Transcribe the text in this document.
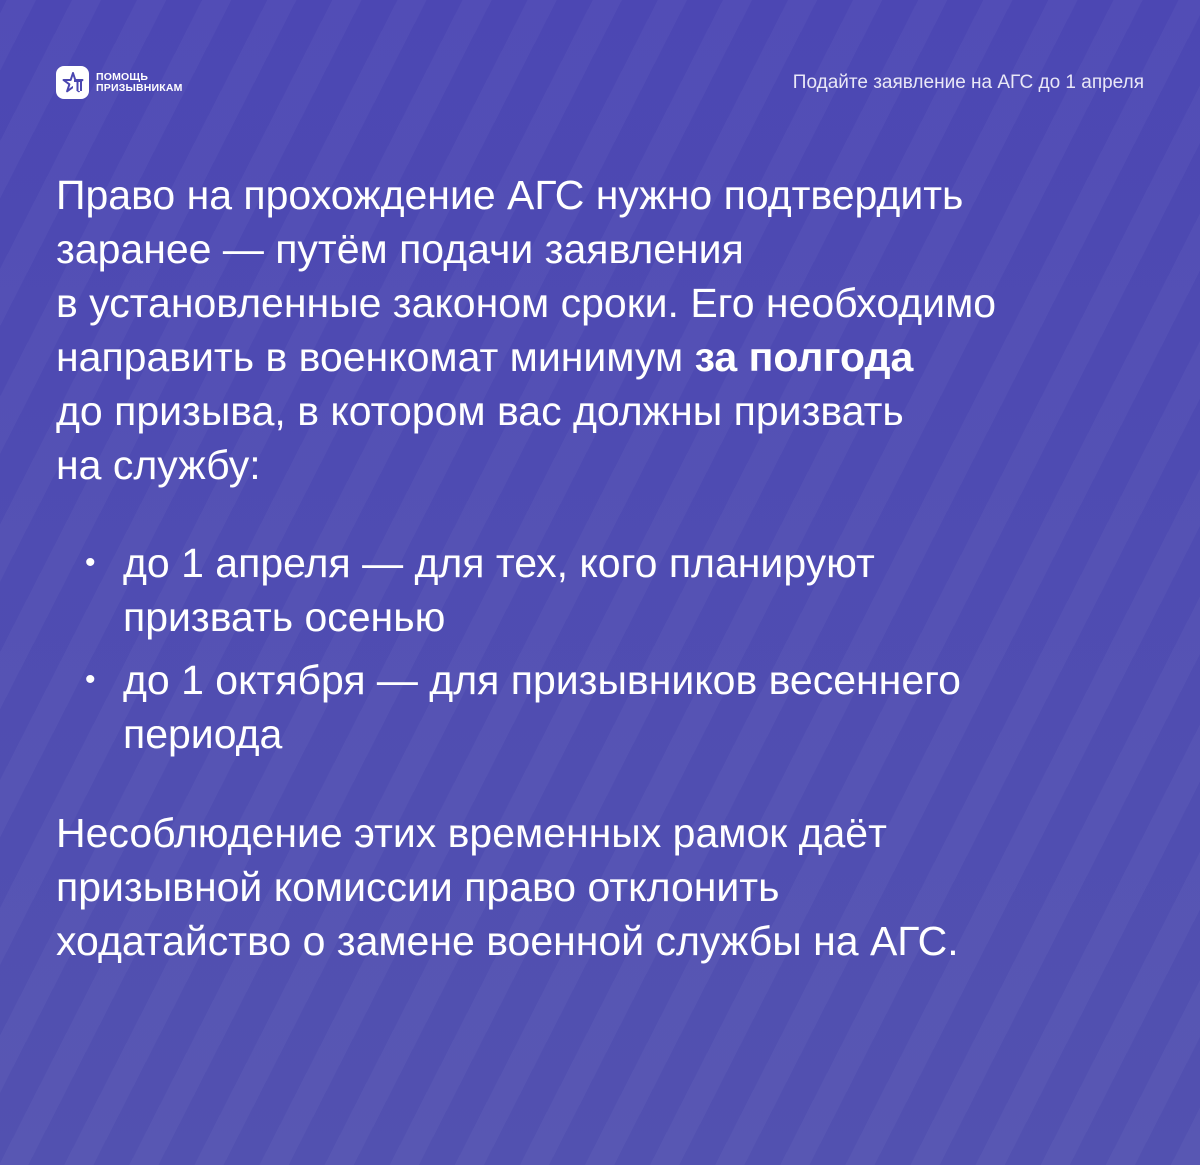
ПОМОЩЬ
ПРИЗЫВНИКАМ	Подайте заявление на АГС до 1 апреля

Право на прохождение АГС нужно подтвердить
заранее — путём подачи заявления
в установленные законом сроки. Его необходимо
направить в военкомат минимум за полгода
до призыва, в котором вас должны призвать
на службу:

• до 1 апреля — для тех, кого планируют
призвать осенью
• до 1 октября — для призывников весеннего
периода

Несоблюдение этих временных рамок даёт
призывной комиссии право отклонить
ходатайство о замене военной службы на АГС.
